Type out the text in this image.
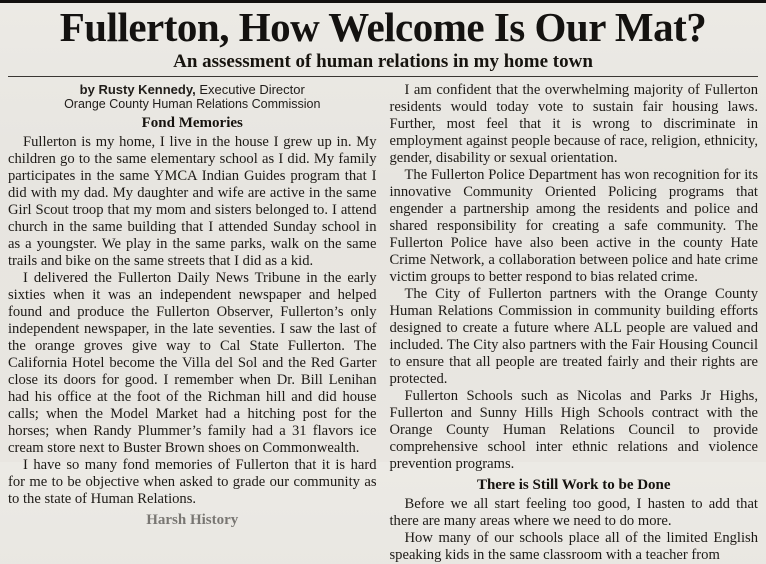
Fullerton, How Welcome Is Our Mat?
An assessment of human relations in my home town
by Rusty Kennedy, Executive Director
Orange County Human Relations Commission
Fond Memories

Fullerton is my home, I live in the house I grew up in. My children go to the same elementary school as I did. My family participates in the same YMCA Indian Guides program that I did with my dad. My daughter and wife are active in the same Girl Scout troop that my mom and sisters belonged to. I attend church in the same building that I attended Sunday school in as a youngster. We play in the same parks, walk on the same trails and bike on the same streets that I did as a kid.

I delivered the Fullerton Daily News Tribune in the early sixties when it was an independent newspaper and helped found and produce the Fullerton Observer, Fullerton’s only independent newspaper, in the late seventies. I saw the last of the orange groves give way to Cal State Fullerton. The California Hotel become the Villa del Sol and the Red Garter close its doors for good. I remember when Dr. Bill Lenihan had his office at the foot of the Richman hill and did house calls; when the Model Market had a hitching post for the horses; when Randy Plummer’s family had a 31 flavors ice cream store next to Buster Brown shoes on Commonwealth.

I have so many fond memories of Fullerton that it is hard for me to be objective when asked to grade our community as to the state of Human Relations.

Harsh History

I am confident that the overwhelming majority of Fullerton residents would today vote to sustain fair housing laws. Further, most feel that it is wrong to discriminate in employment against people because of race, religion, ethnicity, gender, disability or sexual orientation.

The Fullerton Police Department has won recognition for its innovative Community Oriented Policing programs that engender a partnership among the residents and police and shared responsibility for creating a safe community. The Fullerton Police have also been active in the county Hate Crime Network, a collaboration between police and hate crime victim groups to better respond to bias related crime.

The City of Fullerton partners with the Orange County Human Relations Commission in community building efforts designed to create a future where ALL people are valued and included. The City also partners with the Fair Housing Council to ensure that all people are treated fairly and their rights are protected.

Fullerton Schools such as Nicolas and Parks Jr Highs, Fullerton and Sunny Hills High Schools contract with the Orange County Human Relations Council to provide comprehensive school inter ethnic relations and violence prevention programs.

There is Still Work to be Done

Before we all start feeling too good, I hasten to add that there are many areas where we need to do more.

How many of our schools place all of the limited English speaking kids in the same classroom with a teacher from
